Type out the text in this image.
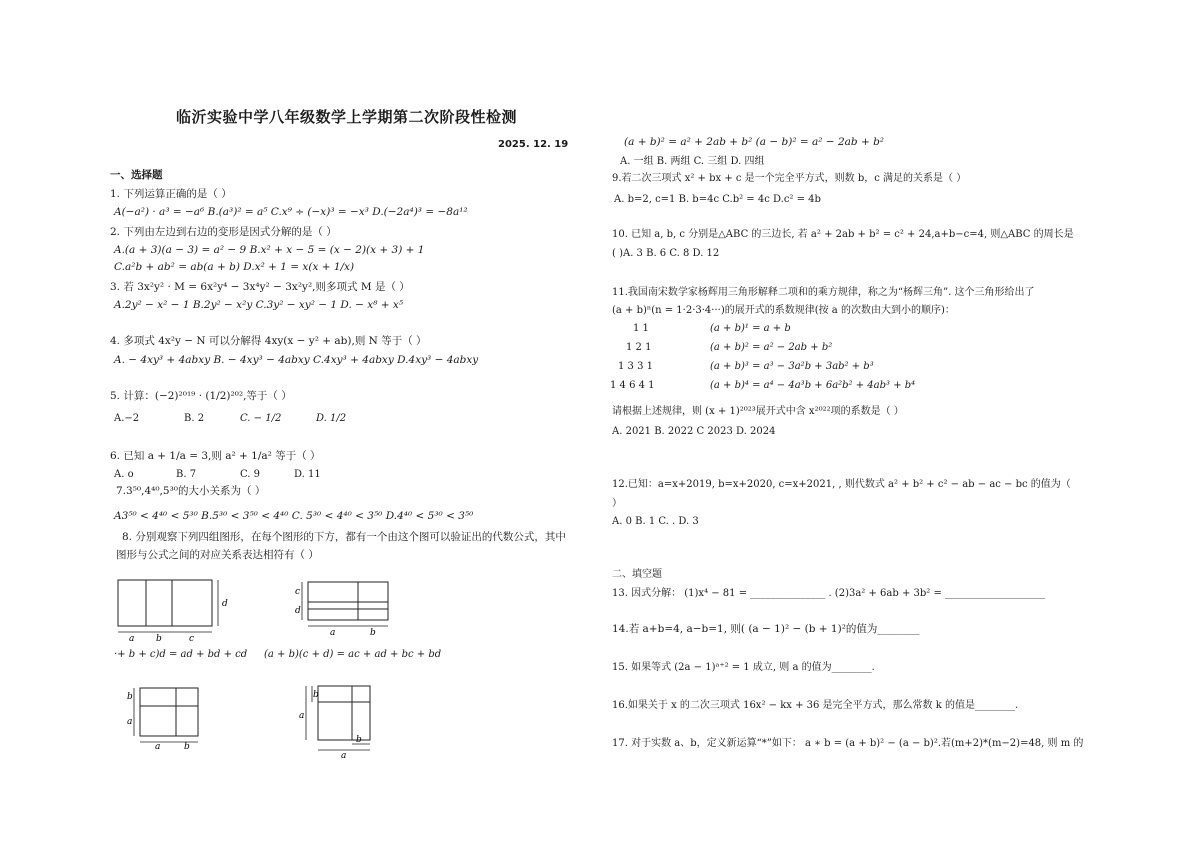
临沂实验中学八年级数学上学期第二次阶段性检测
2025. 12. 19
一、选择题
1. 下列运算正确的是（ ）
A(−a²) · a³ = −a⁶ B.(a³)² = a⁵ C.x⁹ ÷ (−x)³ = −x³ D.(−2a⁴)³ = −8a¹²
2. 下列由左边到右边的变形是因式分解的是（ ）
A.(a + 3)(a − 3) = a² − 9 B.x² + x − 5 = (x − 2)(x + 3) + 1
C.a²b + ab² = ab(a + b) D.x² + 1 = x(x + 1/x)
3. 若 3x²y² · M = 6x²y⁴ − 3x⁴y² − 3x²y²,则多项式 M 是（ ）
A.2y² − x² − 1 B.2y² − x²y C.3y² − xy² − 1 D. − x⁸ + x⁵
4. 多项式 4x²y − N 可以分解得 4xy(x − y² + ab),则 N 等于（ ）
A. − 4xy³ + 4abxy B. − 4xy³ − 4abxy C.4xy³ + 4abxy D.4xy³ − 4abxy
5. 计算：(−2)²⁰¹⁹ · (1/2)²⁰²,等于（ ）
A.−2	B. 2	C. − 1/2	D. 1/2
6. 已知 a + 1/a = 3,则 a² + 1/a² 等于（ ）
A. o	B. 7	C. 9	D. 11
7.3⁵⁰,4⁴⁰,5³⁰的大小关系为（ ）
A3⁵⁰ < 4⁴⁰ < 5³⁰ B.5³⁰ < 3⁵⁰ < 4⁴⁰ C. 5³⁰ < 4⁴⁰ < 3⁵⁰ D.4⁴⁰ < 5³⁰ < 3⁵⁰
8. 分别观察下列四组图形，在每个图形的下方，都有一个由这个图可以验证出的代数公式，其中
图形与公式之间的对应关系表达相符有（ ）
d
a b	c
·+ b + c)d = ad + bd + cd
c
d
a	b
(a + b)(c + d) = ac + ad + bc + bd
b
a
a	b
b
a
b
a
(a + b)² = a² + 2ab + b² (a − b)² = a² − 2ab + b²
A. 一组 B. 两组 C. 三组 D. 四组
9.若二次三项式 x² + bx + c 是一个完全平方式，则数 b，c 满足的关系是（ ）
A. b=2, c=1 B. b=4c C.b² = 4c D.c² = 4b
10. 已知 a, b, c 分别是△ABC 的三边长, 若 a² + 2ab + b² = c² + 24,a+b−c=4, 则△ABC 的周长是
( )A. 3 B. 6 C. 8 D. 12
11.我国南宋数学家杨辉用三角形解释二项和的乘方规律，称之为“杨辉三角”. 这个三角形给出了
(a + b)ⁿ(n = 1·2·3·4···)的展开式的系数规律(按 a 的次数由大到小的顺序)：
1 1	(a + b)¹ = a + b
1 2 1	(a + b)² = a² − 2ab + b²
1 3 3 1	(a + b)³ = a³ − 3a²b + 3ab² + b³
1 4 6 4 1	(a + b)⁴ = a⁴ − 4a³b + 6a²b² + 4ab³ + b⁴
请根据上述规律，则 (x + 1)²⁰²³展开式中含 x²⁰²²项的系数是（ ）
A. 2021 B. 2022 C 2023 D. 2024
12.已知：a=x+2019, b=x+2020, c=x+2021, , 则代数式 a² + b² + c² − ab − ac − bc 的值为（
）
A. 0 B. 1 C. . D. 3
二、填空题
13. 因式分解： (1)x⁴ − 81 = _______________ . (2)3a² + 6ab + 3b² = ____________________
14.若 a+b=4, a−b=1, 则( (a − 1)² − (b + 1)²的值为________
15. 如果等式 (2a − 1)ᵃ⁺² = 1 成立, 则 a 的值为________.
16.如果关于 x 的二次三项式 16x² − kx + 36 是完全平方式，那么常数 k 的值是________.
17. 对于实数 a、b，定义新运算“*”如下： a ∗ b = (a + b)² − (a − b)².若(m+2)*(m−2)=48, 则 m 的
